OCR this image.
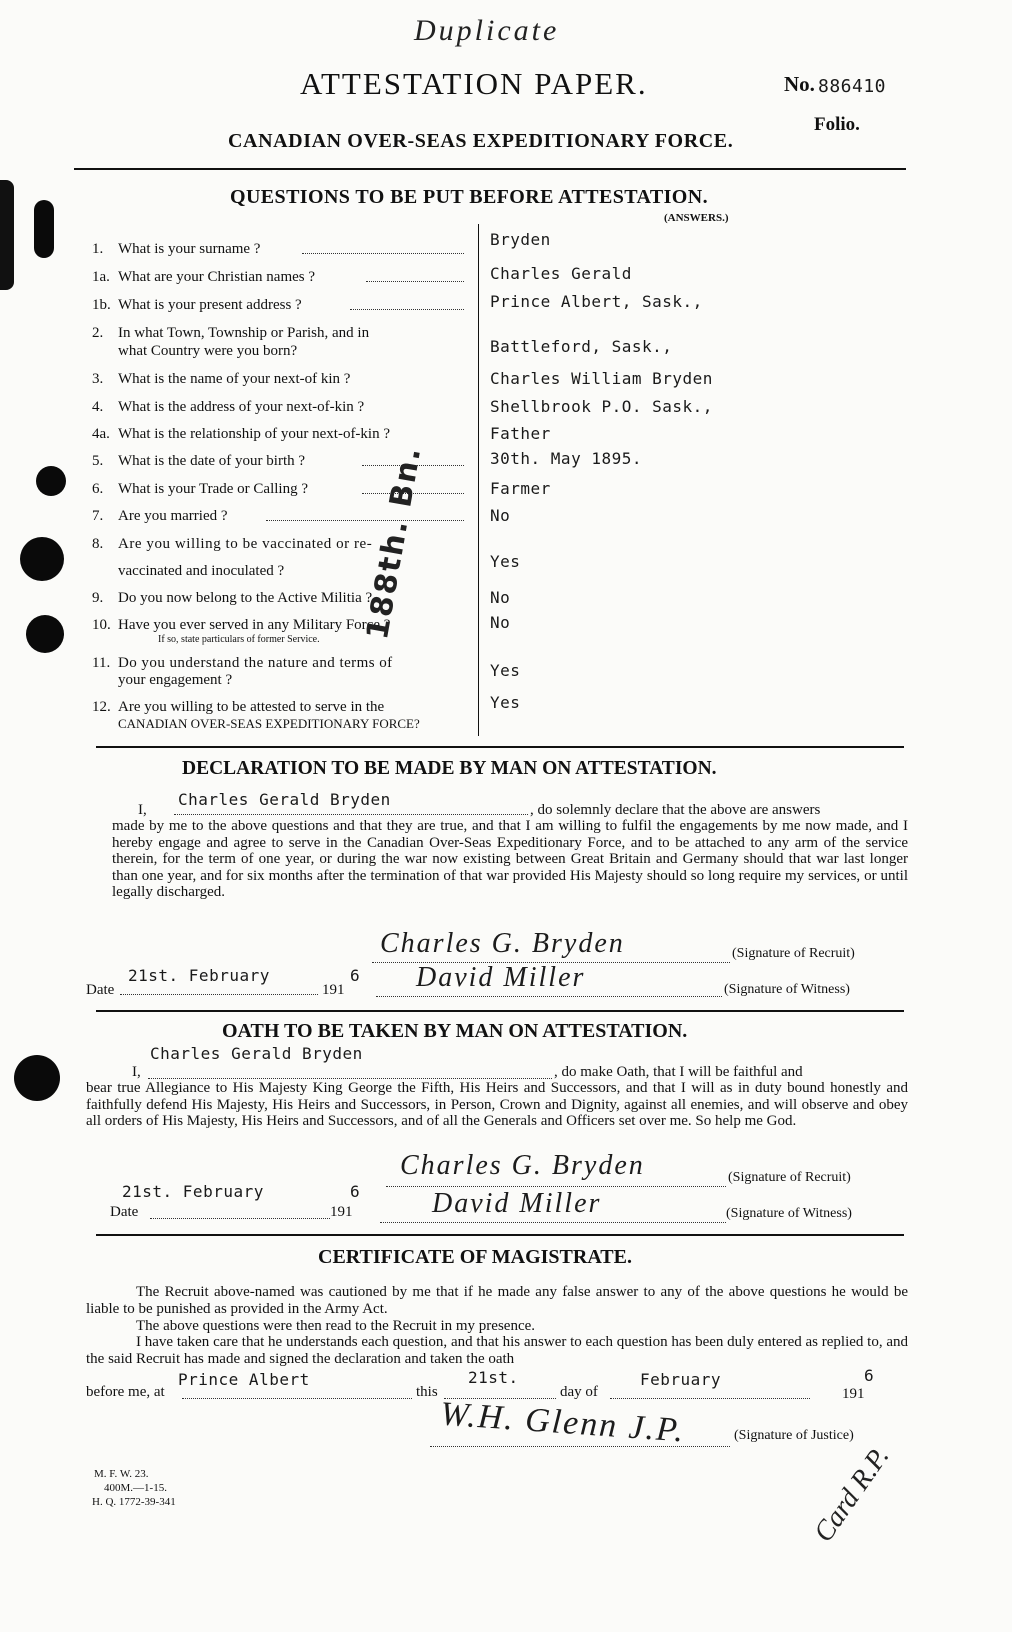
Duplicate
ATTESTATION PAPER.	No. 886410
Folio.
CANADIAN OVER-SEAS EXPEDITIONARY FORCE.
QUESTIONS TO BE PUT BEFORE ATTESTATION.
(ANSWERS.)
1. What is your surname ?	Bryden
1a. What are your Christian names ?	Charles Gerald
1b. What is your present address ?	Prince Albert, Sask.,
2. In what Town, Township or Parish, and in
what Country were you born?	Battleford, Sask.,
3. What is the name of your next-of kin ?	Charles William Bryden
4. What is the address of your next-of-kin ?	Shellbrook P.O. Sask.,
4a. What is the relationship of your next-of-kin ?	Father
5. What is the date of your birth ?	30th. May 1895.
6. What is your Trade or Calling ?	Farmer
7. Are you married ?	No
8. Are you willing to be vaccinated or re-
vaccinated and inoculated ?	Yes
9. Do you now belong to the Active Militia ?	No
10. Have you ever served in any Military Force ?
If so, state particulars of former Service.
No
11. Do you understand the nature and terms of
your engagement ?	Yes
12. Are you willing to be attested to serve in the
CANADIAN OVER-SEAS EXPEDITIONARY FORCE?
Yes
188th. Bn.
DECLARATION TO BE MADE BY MAN ON ATTESTATION.
I,
Charles Gerald Bryden
, do solemnly declare that the above are answers
made by me to the above questions and that they are true, and that I am willing to fulfil the engagements by me now made, and I hereby engage and agree to serve in the Canadian Over-Seas Expeditionary Force, and to be attached to any arm of the service therein, for the term of one year, or during the war now existing between Great Britain and Germany should that war last longer than one year, and for six months after the termination of that war provided His Majesty should so long require my services, or until legally discharged.
Charles G. Bryden	(Signature of Recruit)
Date
21st. February
191
6 David Miller	(Signature of Witness)
OATH TO BE TAKEN BY MAN ON ATTESTATION.
Charles Gerald Bryden
I,	, do make Oath, that I will be faithful and
bear true Allegiance to His Majesty King George the Fifth, His Heirs and Successors, and that I will as in duty bound honestly and faithfully defend His Majesty, His Heirs and Successors, in Person, Crown and Dignity, against all enemies, and will observe and obey all orders of His Majesty, His Heirs and Successors, and of all the Generals and Officers set over me. So help me God.
Charles G. Bryden	(Signature of Recruit)
21st. February	6
Date	191	David Miller	(Signature of Witness)
CERTIFICATE OF MAGISTRATE.
The Recruit above-named was cautioned by me that if he made any false answer to any of the above questions he would be liable to be punished as provided in the Army Act.
The above questions were then read to the Recruit in my presence.
I have taken care that he understands each question, and that his answer to each question has been duly entered as replied to, and the said Recruit has made and signed the declaration and taken the oath
before me, at
Prince Albert
this
21st.
day of
February	6
191
W.H. Glenn J.P.	(Signature of Justice)
M. F. W. 23.
400M.—1-15.
H. Q. 1772-39-341	Card R.P.
